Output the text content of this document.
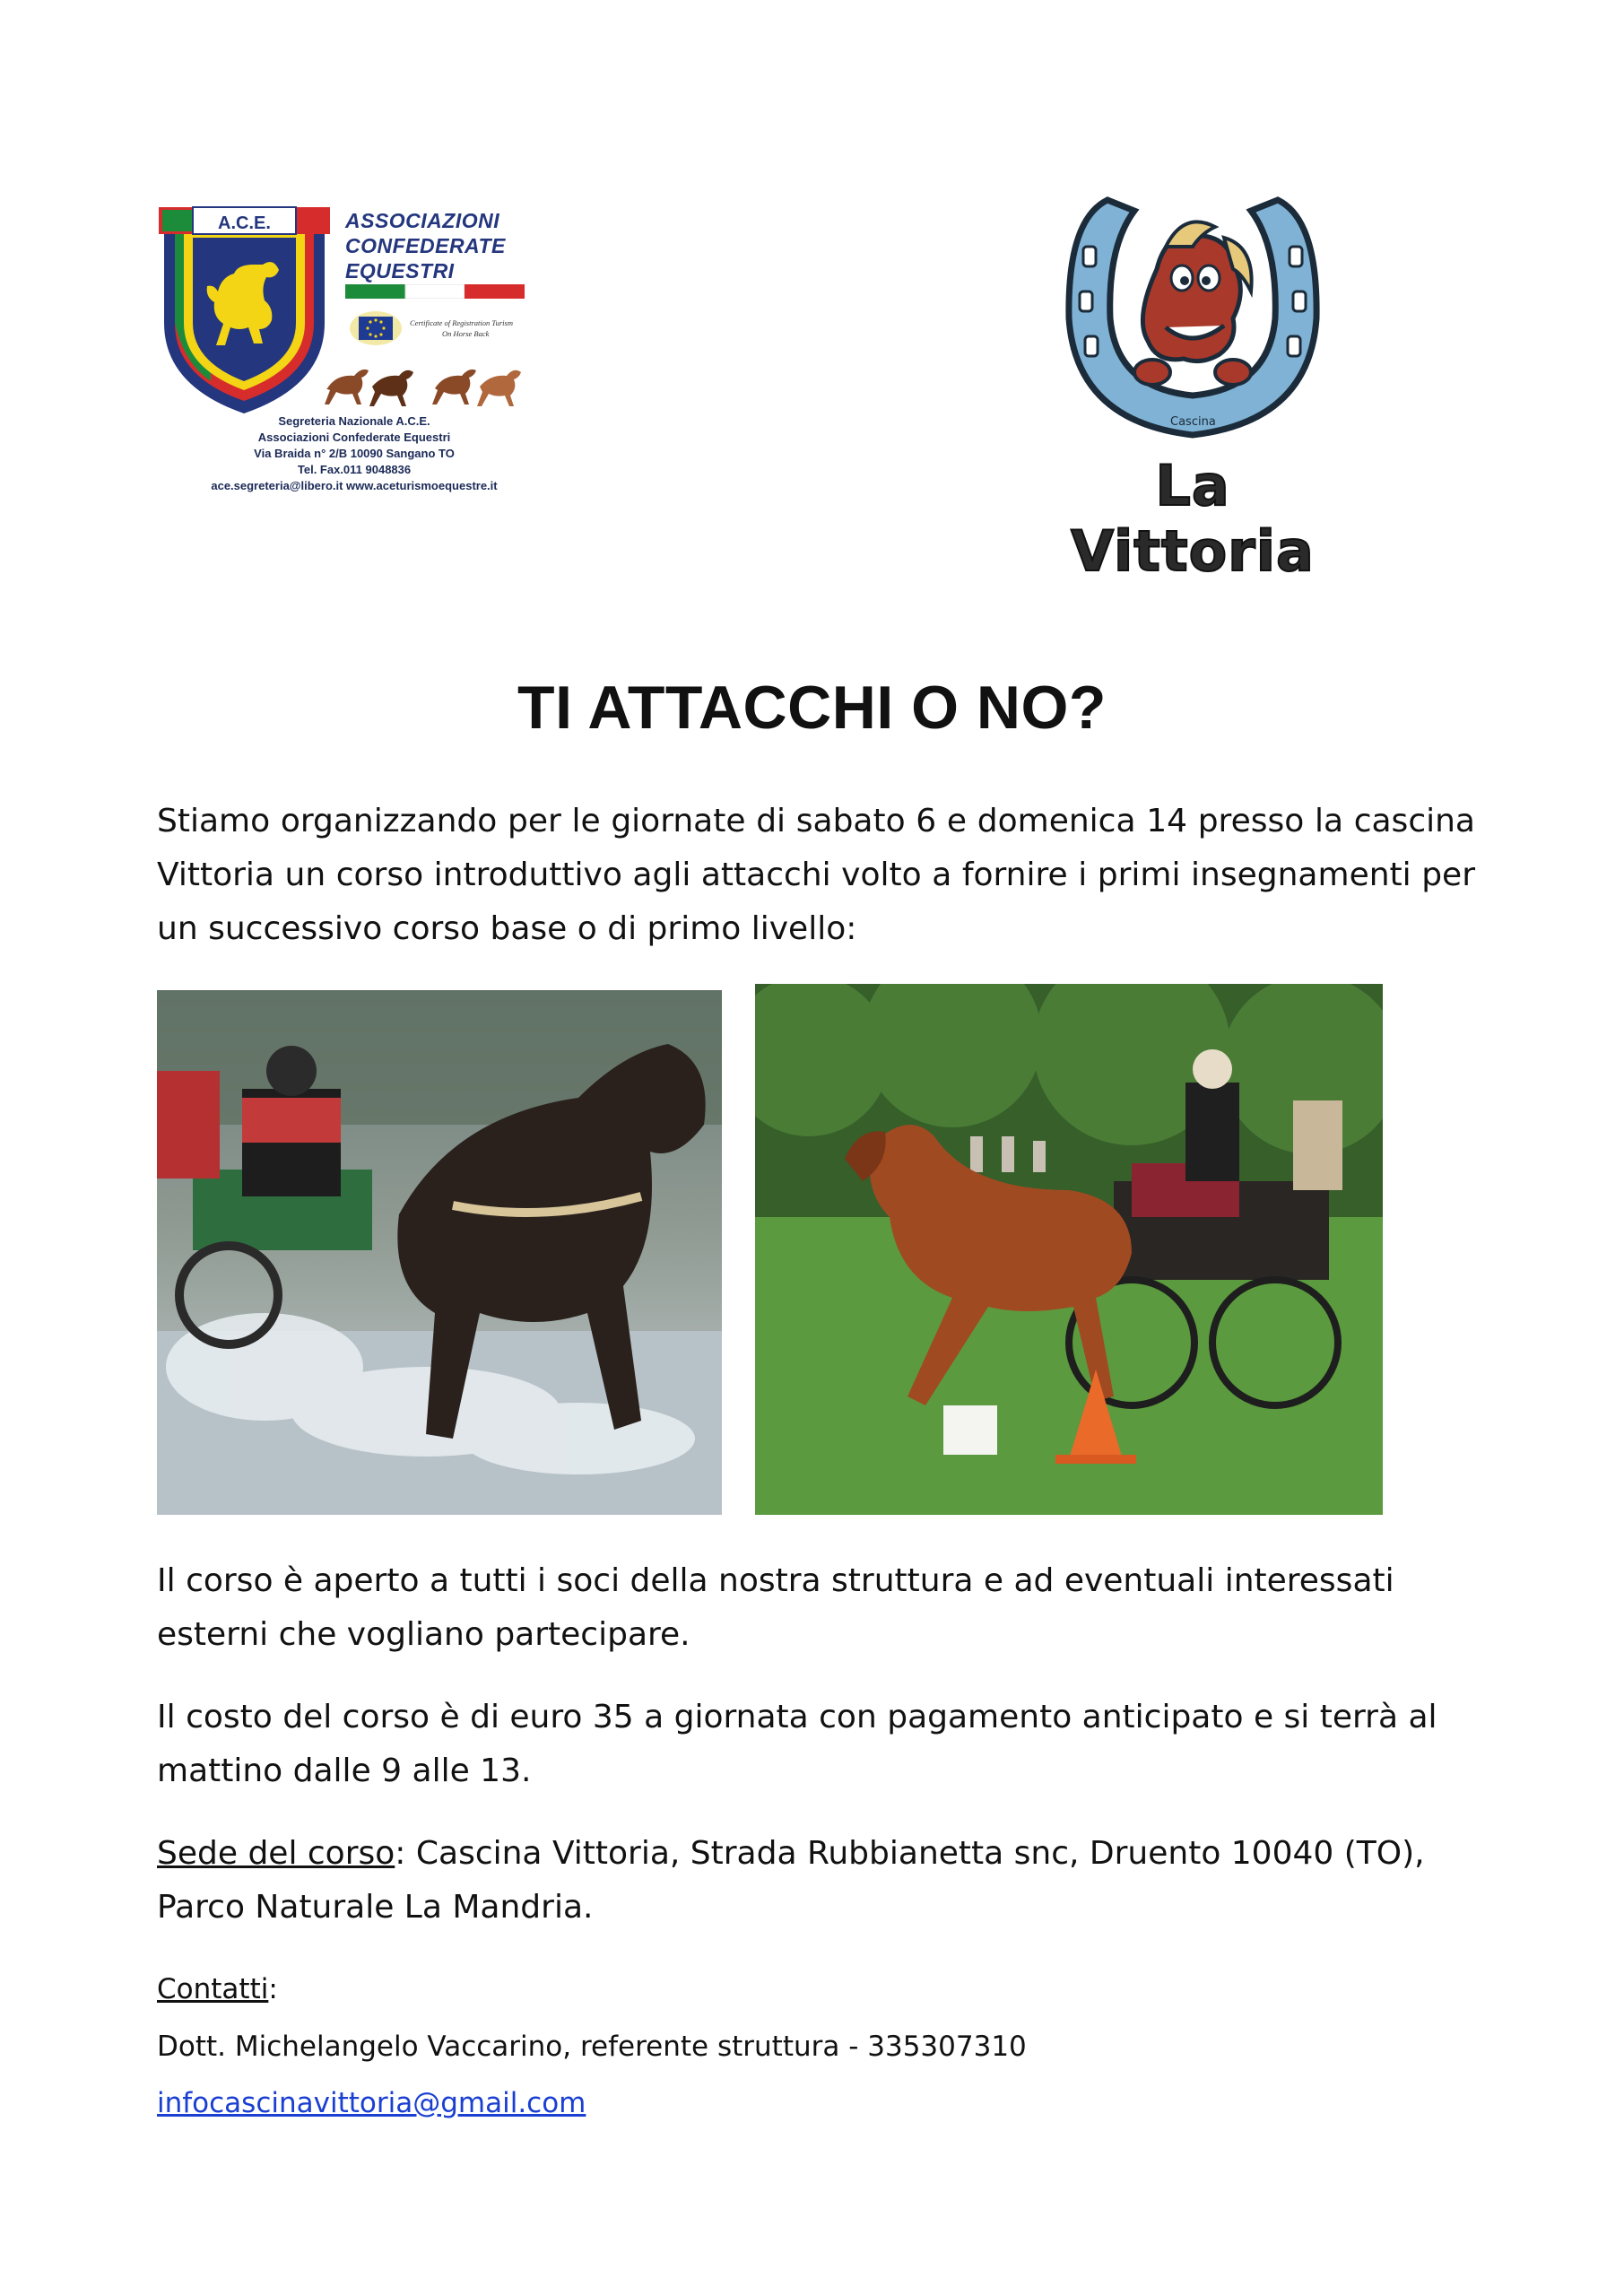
A.C.E.	ASSOCIAZIONI
CONFEDERATE
EQUESTRI
Certificate of Registration Turism
On Horse Back
Segreteria Nazionale A.C.E.
Associazioni Confederate Equestri
Via Braida n° 2/B 10090 Sangano TO
Tel. Fax.011 9048836
ace.segreteria@libero.it www.aceturismoequestre.it
Cascina
La Vittoria
TI ATTACCHI O NO?
Stiamo organizzando per le giornate di sabato 6 e domenica 14 presso la cascina Vittoria un corso introduttivo agli attacchi volto a fornire i primi insegnamenti per un successivo corso base o di primo livello:
Il corso è aperto a tutti i soci della nostra struttura e ad eventuali interessati esterni che vogliano partecipare.
Il costo del corso è di euro 35 a giornata con pagamento anticipato e si terrà al mattino dalle 9 alle 13.
Sede del corso: Cascina Vittoria, Strada Rubbianetta snc, Druento 10040 (TO), Parco Naturale La Mandria.
Contatti:
Dott. Michelangelo Vaccarino, referente struttura - 335307310
infocascinavittoria@gmail.com
